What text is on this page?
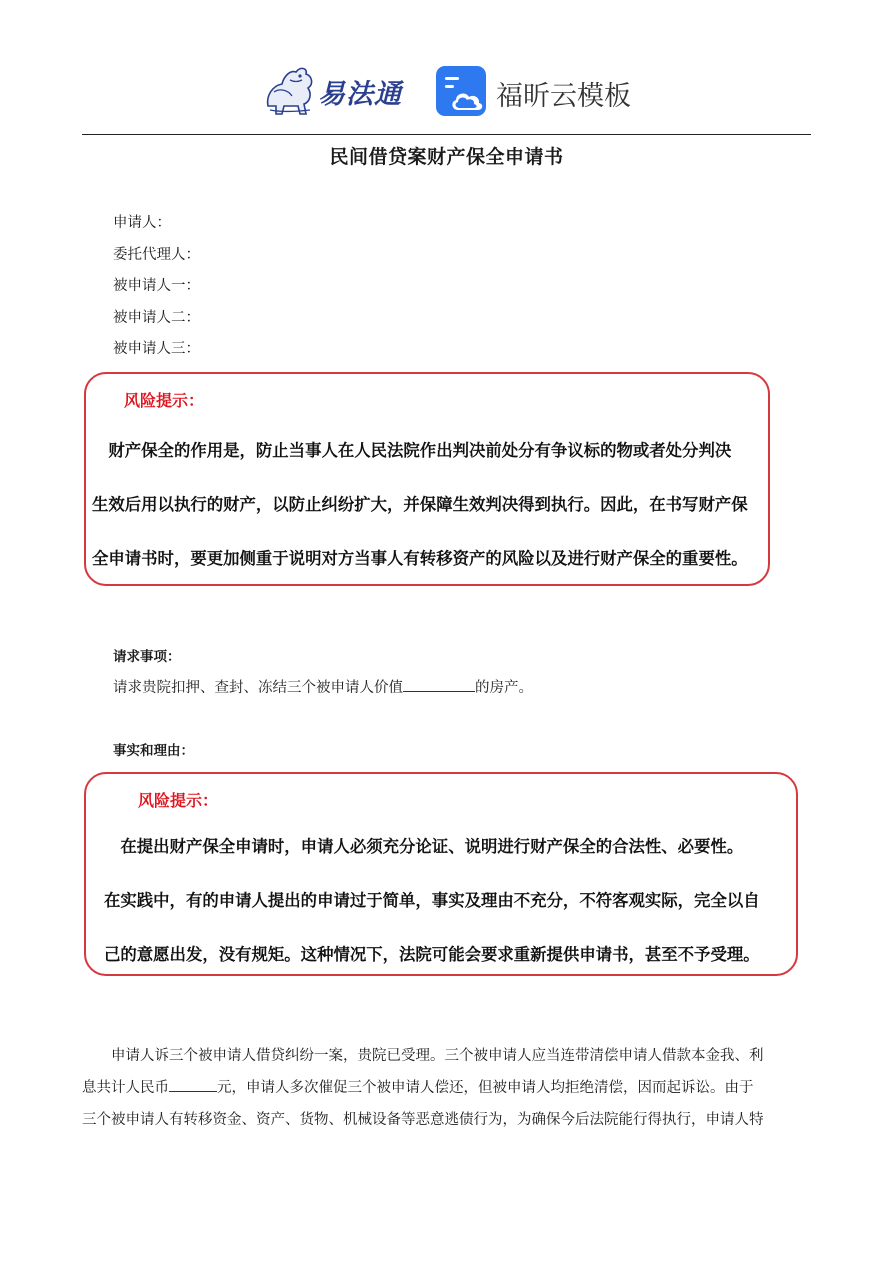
易法通	福昕云模板
民间借贷案财产保全申请书
申请人：
委托代理人：
被申请人一：
被申请人二：
被申请人三：
风险提示：

　财产保全的作用是，防止当事人在人民法院作出判决前处分有争议标的物或者处分判决

生效后用以执行的财产，以防止纠纷扩大，并保障生效判决得到执行。因此，在书写财产保

全申请书时，要更加侧重于说明对方当事人有转移资产的风险以及进行财产保全的重要性。

请求事项：
请求贵院扣押、查封、冻结三个被申请人价值	的房产。
事实和理由：
风险提示：

　在提出财产保全申请时，申请人必须充分论证、说明进行财产保全的合法性、必要性。

在实践中，有的申请人提出的申请过于简单，事实及理由不充分，不符客观实际，完全以自

己的意愿出发，没有规矩。这种情况下，法院可能会要求重新提供申请书，甚至不予受理。

　　申请人诉三个被申请人借贷纠纷一案，贵院已受理。三个被申请人应当连带清偿申请人借款本金我、利

息共计人民币	元，申请人多次催促三个被申请人偿还，但被申请人均拒绝清偿，因而起诉讼。由于

三个被申请人有转移资金、资产、货物、机械设备等恶意逃债行为，为确保今后法院能行得执行，申请人特
